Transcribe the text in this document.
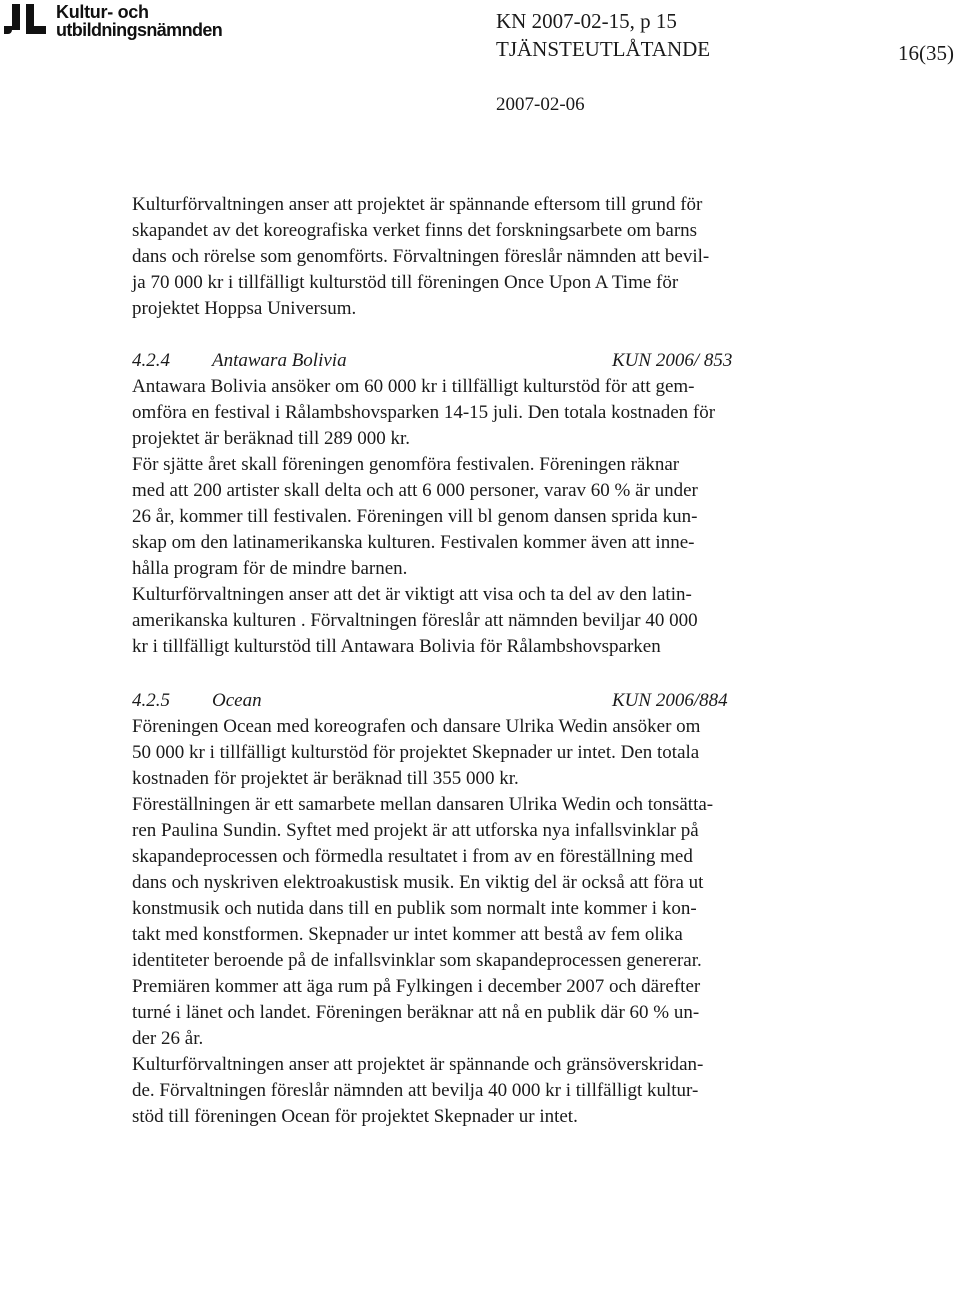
Kultur- och
utbildningsnämnden	KN 2007-02-15, p 15
TJÄNSTEUTLÅTANDE	16(35)
2007-02-06

Kulturförvaltningen anser att projektet är spännande eftersom till grund för
skapandet av det koreografiska verket finns det forskningsarbete om barns
dans och rörelse som genomförts. Förvaltningen föreslår nämnden att bevil-
ja 70 000 kr i tillfälligt kulturstöd till föreningen Once Upon A Time för
projektet Hoppsa Universum.

4.2.4	Antawara Bolivia	KUN 2006/ 853

Antawara Bolivia ansöker om 60 000 kr i tillfälligt kulturstöd för att gem-
omföra en festival i Rålambshovsparken 14-15 juli. Den totala kostnaden för
projektet är beräknad till 289 000 kr.

För sjätte året skall föreningen genomföra festivalen. Föreningen räknar
med att 200 artister skall delta och att 6 000 personer, varav 60 % är under
26 år, kommer till festivalen. Föreningen vill bl genom dansen sprida kun-
skap om den latinamerikanska kulturen. Festivalen kommer även att inne-
hålla program för de mindre barnen.

Kulturförvaltningen anser att det är viktigt att visa och ta del av den latin-
amerikanska kulturen . Förvaltningen föreslår att nämnden beviljar 40 000
kr i tillfälligt kulturstöd till Antawara Bolivia för Rålambshovsparken

4.2.5	Ocean	KUN 2006/884

Föreningen Ocean med koreografen och dansare Ulrika Wedin ansöker om
50 000 kr i tillfälligt kulturstöd för projektet Skepnader ur intet. Den totala
kostnaden för projektet är beräknad till 355 000 kr.

Föreställningen är ett samarbete mellan dansaren Ulrika Wedin och tonsätta-
ren Paulina Sundin. Syftet med projekt är att utforska nya infallsvinklar på
skapandeprocessen och förmedla resultatet i from av en föreställning med
dans och nyskriven elektroakustisk musik. En viktig del är också att föra ut
konstmusik och nutida dans till en publik som normalt inte kommer i kon-
takt med konstformen. Skepnader ur intet kommer att bestå av fem olika
identiteter beroende på de infallsvinklar som skapandeprocessen genererar.

Premiären kommer att äga rum på Fylkingen i december 2007 och därefter
turné i länet och landet. Föreningen beräknar att nå en publik där 60 % un-
der 26 år.

Kulturförvaltningen anser att projektet är spännande och gränsöverskridan-
de. Förvaltningen föreslår nämnden att bevilja 40 000 kr i tillfälligt kultur-
stöd till föreningen Ocean för projektet Skepnader ur intet.
